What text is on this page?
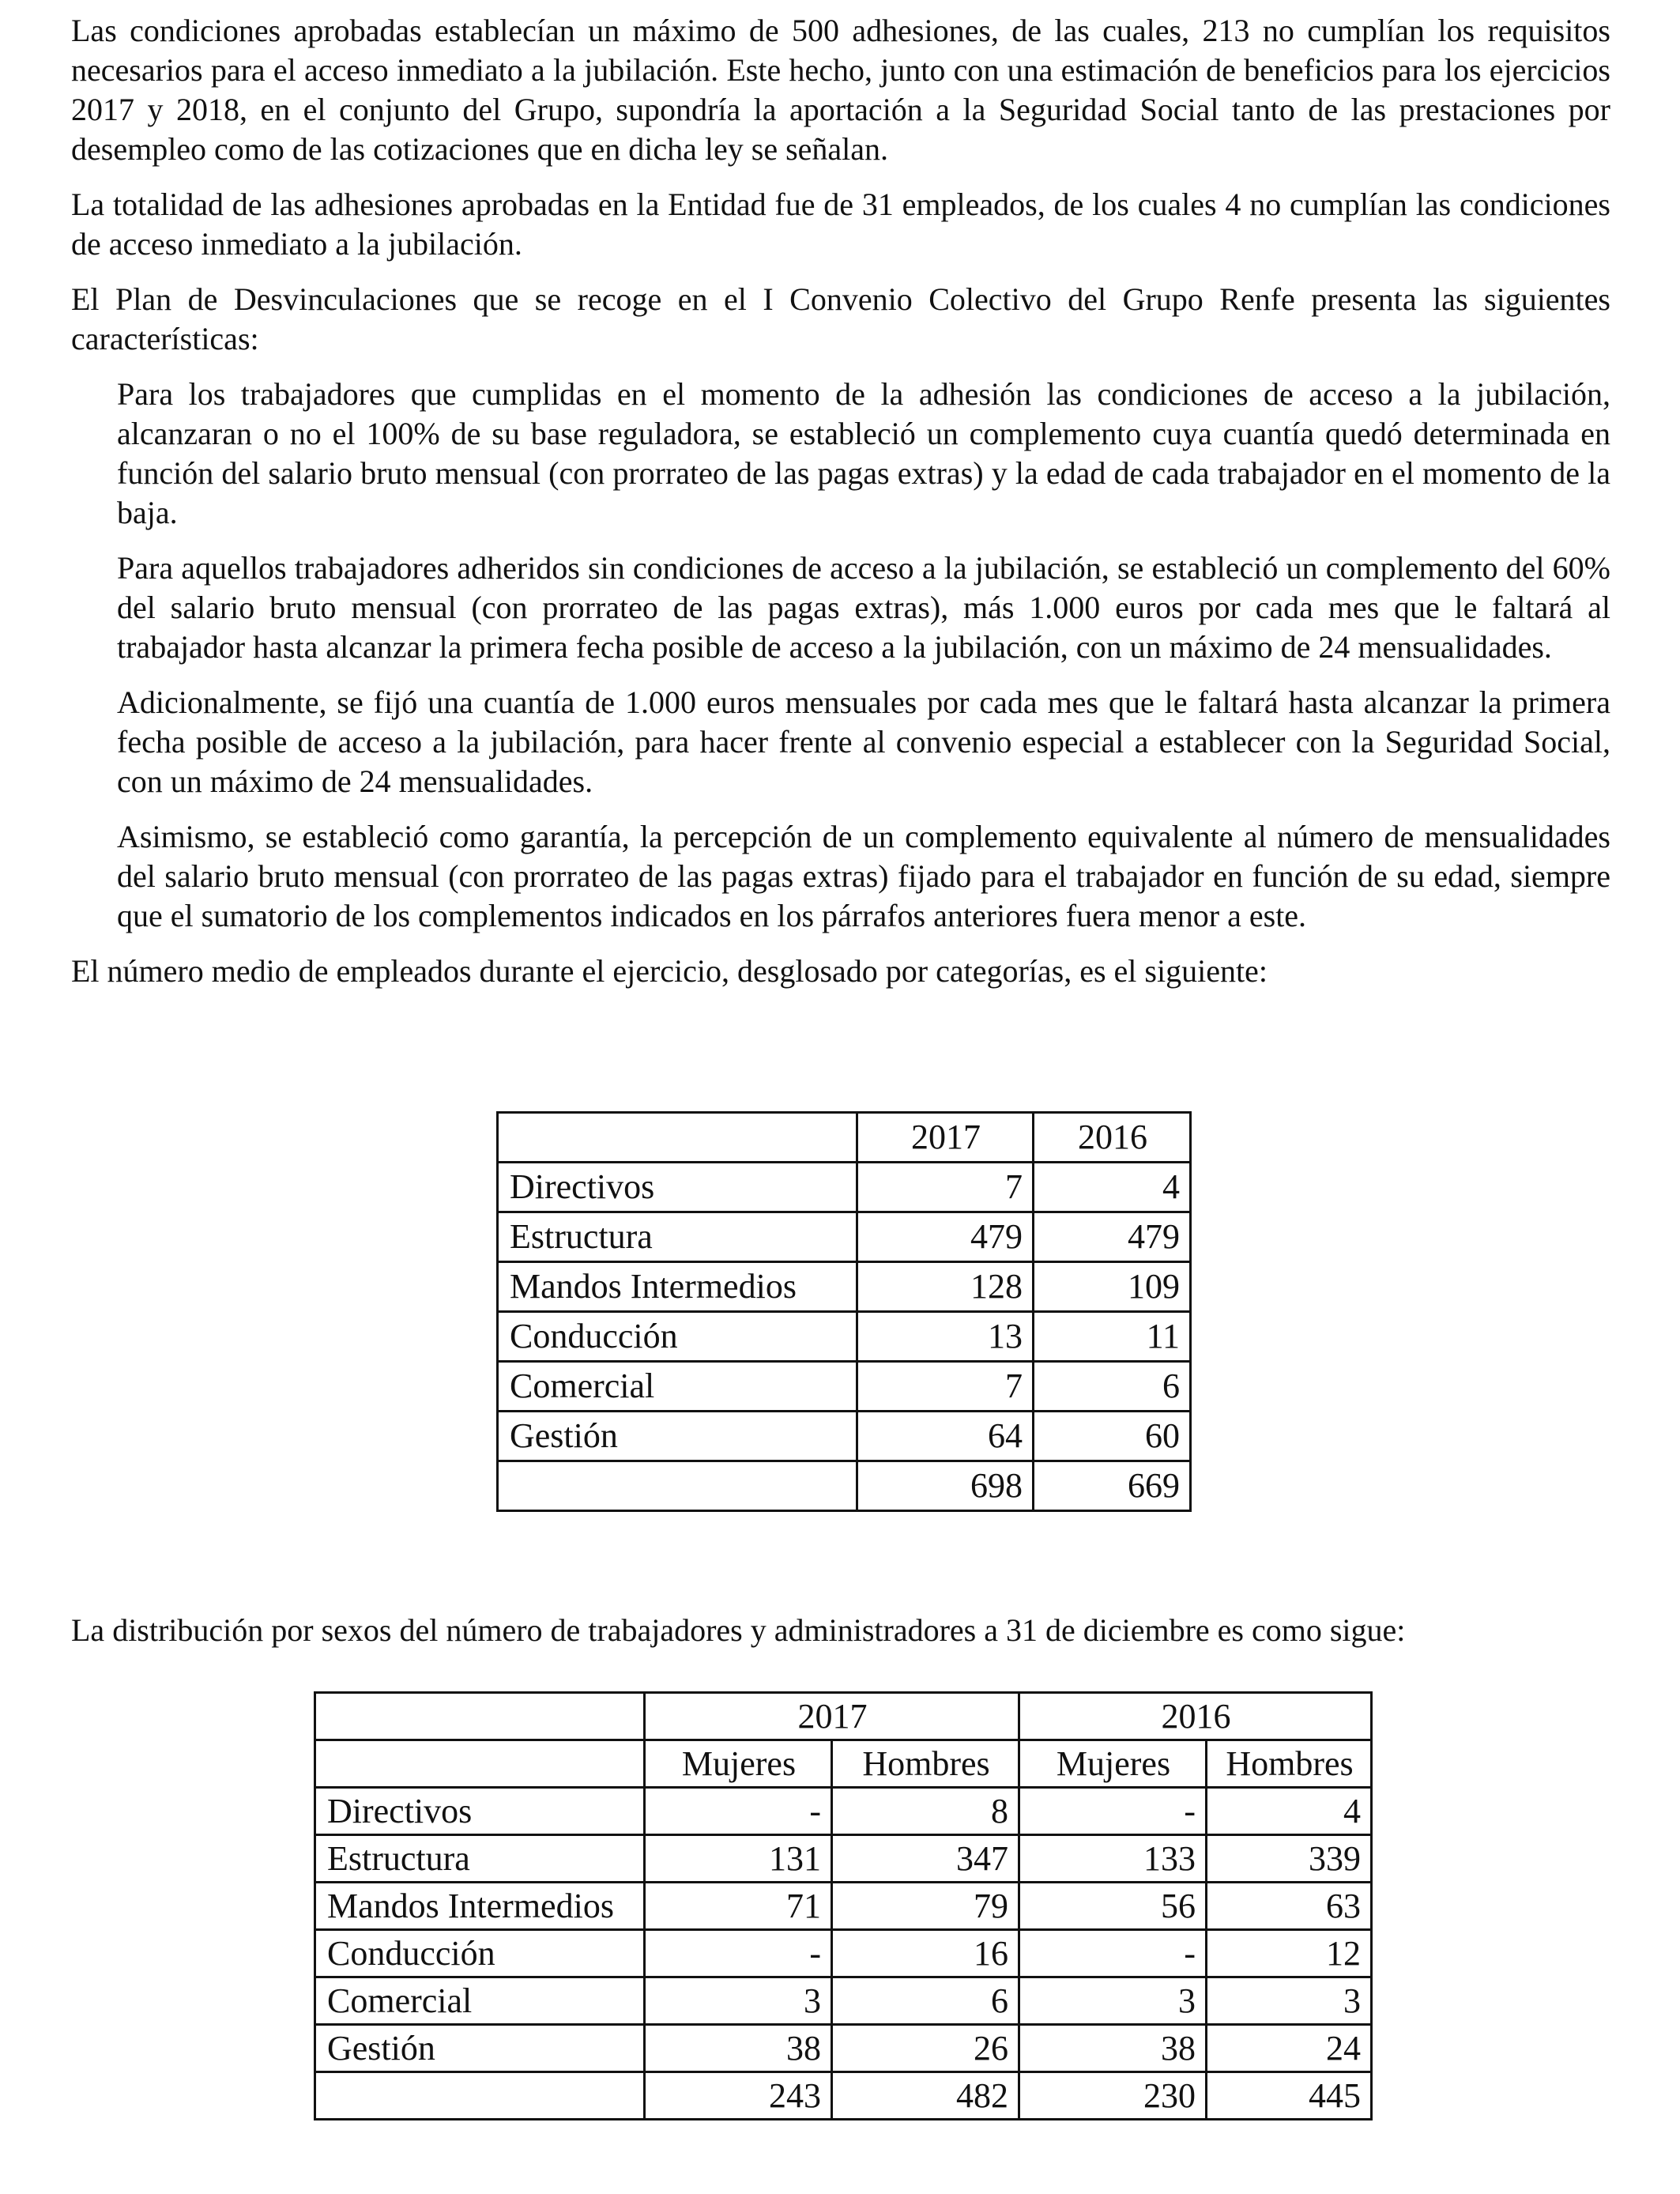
Las condiciones aprobadas establecían un máximo de 500 adhesiones, de las cuales, 213 no cumplían los requisitos necesarios para el acceso inmediato a la jubilación. Este hecho, junto con una estimación de beneficios para los ejercicios 2017 y 2018, en el conjunto del Grupo, supondría la aportación a la Seguridad Social tanto de las prestaciones por desempleo como de las cotizaciones que en dicha ley se señalan.

La totalidad de las adhesiones aprobadas en la Entidad fue de 31 empleados, de los cuales 4 no cumplían las condiciones de acceso inmediato a la jubilación.

El Plan de Desvinculaciones que se recoge en el I Convenio Colectivo del Grupo Renfe presenta las siguientes características:

Para los trabajadores que cumplidas en el momento de la adhesión las condiciones de acceso a la jubilación, alcanzaran o no el 100% de su base reguladora, se estableció un complemento cuya cuantía quedó determinada en función del salario bruto mensual (con prorrateo de las pagas extras) y la edad de cada trabajador en el momento de la baja.

Para aquellos trabajadores adheridos sin condiciones de acceso a la jubilación, se estableció un complemento del 60% del salario bruto mensual (con prorrateo de las pagas extras), más 1.000 euros por cada mes que le faltará al trabajador hasta alcanzar la primera fecha posible de acceso a la jubilación, con un máximo de 24 mensualidades.

Adicionalmente, se fijó una cuantía de 1.000 euros mensuales por cada mes que le faltará hasta alcanzar la primera fecha posible de acceso a la jubilación, para hacer frente al convenio especial a establecer con la Seguridad Social, con un máximo de 24 mensualidades.

Asimismo, se estableció como garantía, la percepción de un complemento equivalente al número de mensualidades del salario bruto mensual (con prorrateo de las pagas extras) fijado para el trabajador en función de su edad, siempre que el sumatorio de los complementos indicados en los párrafos anteriores fuera menor a este.

El número medio de empleados durante el ejercicio, desglosado por categorías, es el siguiente:

	2017	2016
Directivos	7	4
Estructura	479	479
Mandos Intermedios	128	109
Conducción	13	11
Comercial	7	6
Gestión	64	60
	698	669

La distribución por sexos del número de trabajadores y administradores a 31 de diciembre es como sigue:

	2017		2016	
	Mujeres	Hombres	Mujeres	Hombres
Directivos	-	8	-	4
Estructura	131	347	133	339
Mandos Intermedios	71	79	56	63
Conducción	-	16	-	12
Comercial	3	6	3	3
Gestión	38	26	38	24
	243	482	230	445
